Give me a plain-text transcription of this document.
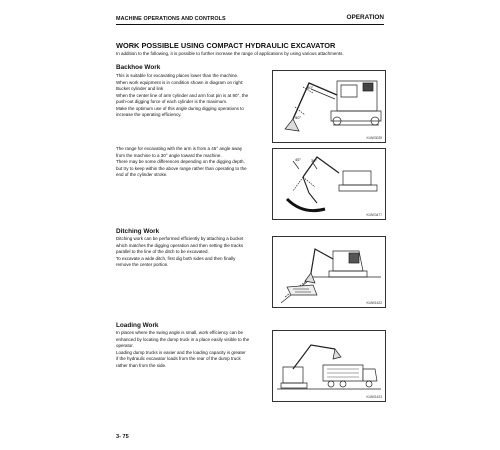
MACHINE OPERATIONS AND CONTROLS	OPERATION
WORK POSSIBLE USING COMPACT HYDRAULIC EXCAVATOR
In addition to the following, it is possible to further increase the range of applications by using various attachments.
Backhoe Work
This is suitable for excavating places lower than the machine.
When work equipment is in condition shown in diagram on right:
Bucket cylinder and link
When the center line of arm cylinder and arm foot pin is at 90°, the
push-out digging force of each cylinder is the maximum.
Make the optimum use of this angle during digging operations to
increase the operating efficiency.
90°
90°
KLW03035
The range for excavating with the arm is from a 45° angle away
from the machine to a 30° angle toward the machine.
There may be some differences depending on the digging depth,
but try to keep within the above range rather than operating to the
end of the cylinder stroke.
45° 30°
KLW03477
Ditching Work
Ditching work can be performed efficiently by attaching a bucket
which matches the digging operation and then setting the tracks
parallel to the line of the ditch to be excavated.
To excavate a wide ditch, first dig both sides and then finally
remove the center portion.
KLW01622
Loading Work
In places where the swing angle is small, work efficiency can be
enhanced by locating the dump truck in a place easily visible to the
operator.
Loading dump trucks is easier and the loading capacity is greater
if the hydraulic excavator loads from the rear of the dump truck
rather than from the side.
KLW01623
3- 75
